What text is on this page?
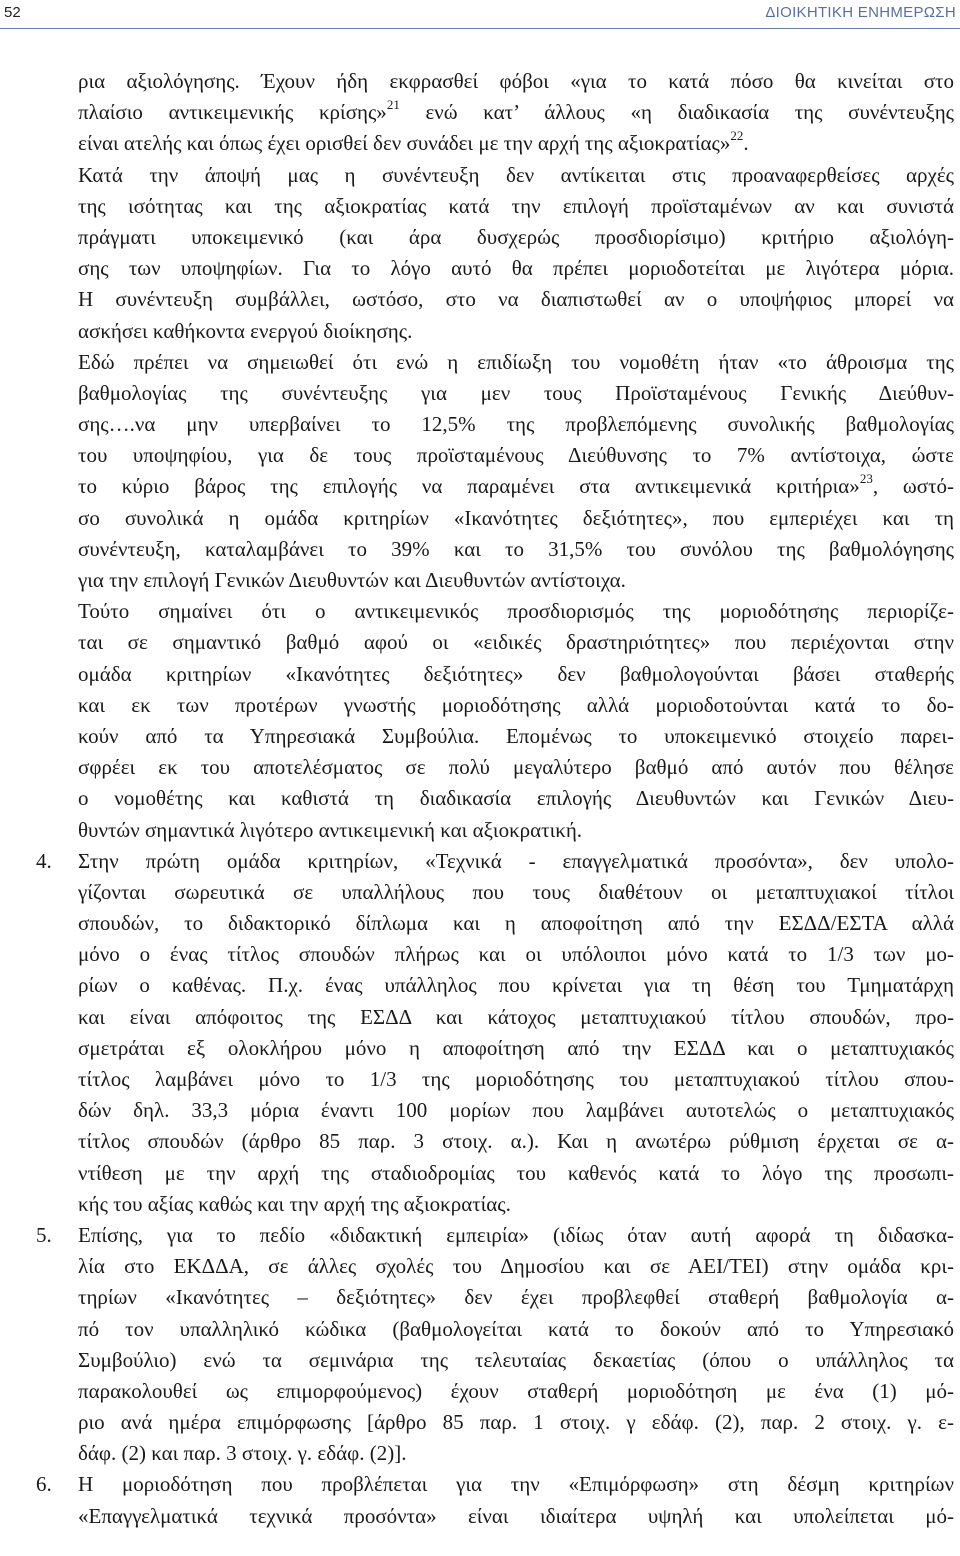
52	ΔΙΟΙΚΗΤΙΚΗ ΕΝΗΜΕΡΩΣΗ
ρια αξιολόγησης. Έχουν ήδη εκφρασθεί φόβοι «για το κατά πόσο θα κινείται στο
πλαίσιο αντικειμενικής κρίσης»$^{21}$ ενώ κατ’ άλλους «η διαδικασία της συνέντευξης
είναι ατελής και όπως έχει ορισθεί δεν συνάδει με την αρχή της αξιοκρατίας»$^{22}$.
Κατά την άποψή μας η συνέντευξη δεν αντίκειται στις προαναφερθείσες αρχές
της ισότητας και της αξιοκρατίας κατά την επιλογή προϊσταμένων αν και συνιστά
πράγματι υποκειμενικό (και άρα δυσχερώς προσδιορίσιμο) κριτήριο αξιολόγη-
σης των υποψηφίων. Για το λόγο αυτό θα πρέπει μοριοδοτείται με λιγότερα μόρια.
Η συνέντευξη συμβάλλει, ωστόσο, στο να διαπιστωθεί αν ο υποψήφιος μπορεί να
ασκήσει καθήκοντα ενεργού διοίκησης.
Εδώ πρέπει να σημειωθεί ότι ενώ η επιδίωξη του νομοθέτη ήταν «το άθροισμα της
βαθμολογίας της συνέντευξης για μεν τους Προϊσταμένους Γενικής Διεύθυν-
σης….να μην υπερβαίνει το 12,5% της προβλεπόμενης συνολικής βαθμολογίας
του υποψηφίου, για δε τους προϊσταμένους Διεύθυνσης το 7% αντίστοιχα, ώστε
το κύριο βάρος της επιλογής να παραμένει στα αντικειμενικά κριτήρια»$^{23}$, ωστό-
σο συνολικά η ομάδα κριτηρίων «Ικανότητες δεξιότητες», που εμπεριέχει και τη
συνέντευξη, καταλαμβάνει το 39% και το 31,5% του συνόλου της βαθμολόγησης
για την επιλογή Γενικών Διευθυντών και Διευθυντών αντίστοιχα.
Τούτο σημαίνει ότι ο αντικειμενικός προσδιορισμός της μοριοδότησης περιορίζε-
ται σε σημαντικό βαθμό αφού οι «ειδικές δραστηριότητες» που περιέχονται στην
ομάδα κριτηρίων «Ικανότητες δεξιότητες» δεν βαθμολογούνται βάσει σταθερής
και εκ των προτέρων γνωστής μοριοδότησης αλλά μοριοδοτούνται κατά το δο-
κούν από τα Υπηρεσιακά Συμβούλια. Επομένως το υποκειμενικό στοιχείο παρει-
σφρέει εκ του αποτελέσματος σε πολύ μεγαλύτερο βαθμό από αυτόν που θέλησε
ο νομοθέτης και καθιστά τη διαδικασία επιλογής Διευθυντών και Γενικών Διευ-
θυντών σημαντικά λιγότερο αντικειμενική και αξιοκρατική.
4.	Στην πρώτη ομάδα κριτηρίων, «Τεχνικά - επαγγελματικά προσόντα», δεν υπολο-
γίζονται σωρευτικά σε υπαλλήλους που τους διαθέτουν οι μεταπτυχιακοί τίτλοι
σπουδών, το διδακτορικό δίπλωμα και η αποφοίτηση από την ΕΣΔΔ/ΕΣΤΑ αλλά
μόνο ο ένας τίτλος σπουδών πλήρως και οι υπόλοιποι μόνο κατά το 1/3 των μο-
ρίων ο καθένας. Π.χ. ένας υπάλληλος που κρίνεται για τη θέση του Τμηματάρχη
και είναι απόφοιτος της ΕΣΔΔ και κάτοχος μεταπτυχιακού τίτλου σπουδών, προ-
σμετράται εξ ολοκλήρου μόνο η αποφοίτηση από την ΕΣΔΔ και ο μεταπτυχιακός
τίτλος λαμβάνει μόνο το 1/3 της μοριοδότησης του μεταπτυχιακού τίτλου σπου-
δών δηλ. 33,3 μόρια έναντι 100 μορίων που λαμβάνει αυτοτελώς ο μεταπτυχιακός
τίτλος σπουδών (άρθρο 85 παρ. 3 στοιχ. α.). Και η ανωτέρω ρύθμιση έρχεται σε α-
ντίθεση με την αρχή της σταδιοδρομίας του καθενός κατά το λόγο της προσωπι-
κής του αξίας καθώς και την αρχή της αξιοκρατίας.
5.	Επίσης, για το πεδίο «διδακτική εμπειρία» (ιδίως όταν αυτή αφορά τη διδασκα-
λία στο ΕΚΔΔΑ, σε άλλες σχολές του Δημοσίου και σε ΑΕΙ/ΤΕΙ) στην ομάδα κρι-
τηρίων «Ικανότητες – δεξιότητες» δεν έχει προβλεφθεί σταθερή βαθμολογία α-
πό τον υπαλληλικό κώδικα (βαθμολογείται κατά το δοκούν από το Υπηρεσιακό
Συμβούλιο) ενώ τα σεμινάρια της τελευταίας δεκαετίας (όπου ο υπάλληλος τα
παρακολουθεί ως επιμορφούμενος) έχουν σταθερή μοριοδότηση με ένα (1) μό-
ριο ανά ημέρα επιμόρφωσης [άρθρο 85 παρ. 1 στοιχ. γ εδάφ. (2), παρ. 2 στοιχ. γ. ε-
δάφ. (2) και παρ. 3 στοιχ. γ. εδάφ. (2)].
6.	Η μοριοδότηση που προβλέπεται για την «Επιμόρφωση» στη δέσμη κριτηρίων
«Επαγγελματικά τεχνικά προσόντα» είναι ιδιαίτερα υψηλή και υπολείπεται μό-
